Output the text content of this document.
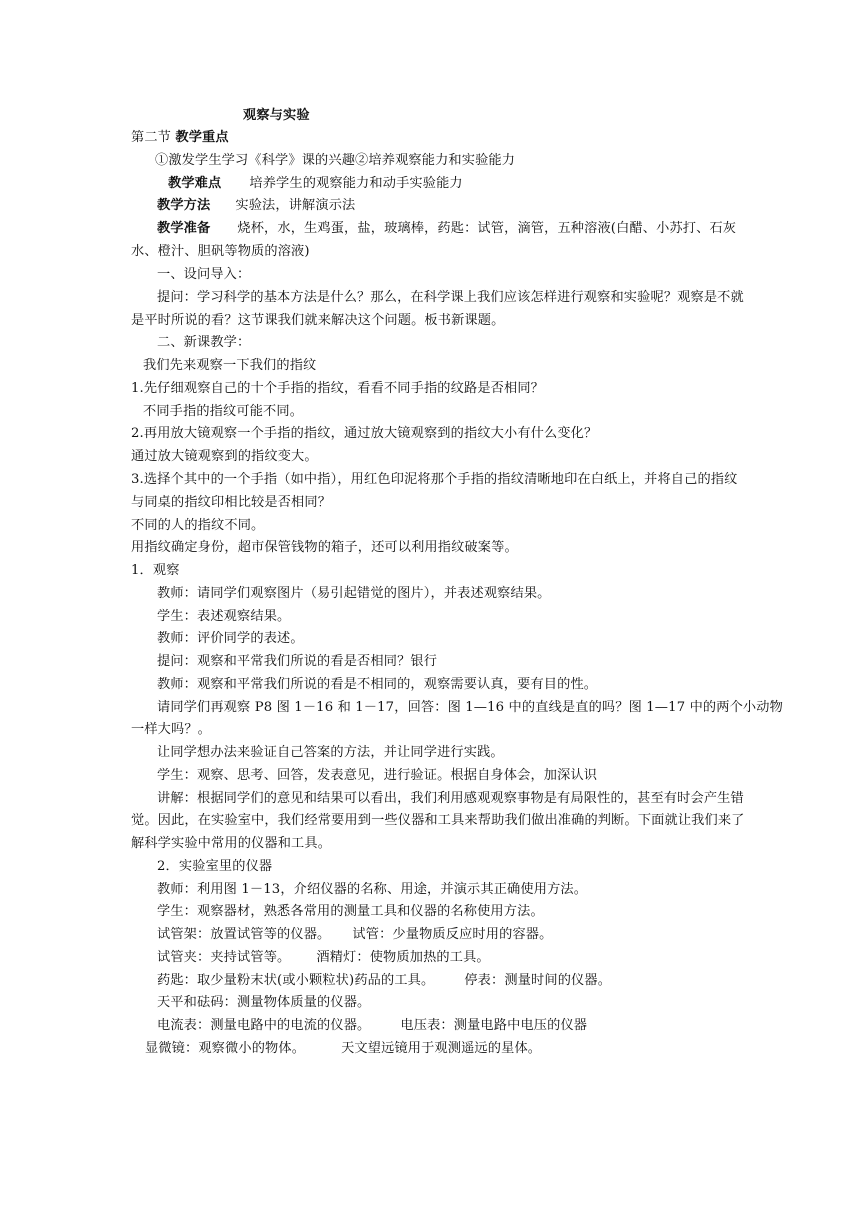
观察与实验
第二节 教学重点
①激发学生学习《科学》课的兴趣②培养观察能力和实验能力
教学难点 培养学生的观察能力和动手实验能力
教学方法 实验法，讲解演示法
教学准备 烧杯，水，生鸡蛋，盐，玻璃棒，药匙：试管，滴管，五种溶液(白醋、小苏打、石灰
水、橙汁、胆矾等物质的溶液)
一、设问导入：
提问：学习科学的基本方法是什么？那么，在科学课上我们应该怎样进行观察和实验呢？观察是不就
是平时所说的看？这节课我们就来解决这个问题。板书新课题。
二、新课教学：
我们先来观察一下我们的指纹
1.先仔细观察自己的十个手指的指纹，看看不同手指的纹路是否相同？
不同手指的指纹可能不同。
2.再用放大镜观察一个手指的指纹，通过放大镜观察到的指纹大小有什么变化？
通过放大镜观察到的指纹变大。
3.选择个其中的一个手指（如中指），用红色印泥将那个手指的指纹清晰地印在白纸上，并将自己的指纹
与同桌的指纹印相比较是否相同？
不同的人的指纹不同。
用指纹确定身份，超市保管钱物的箱子，还可以利用指纹破案等。
1．观察
教师：请同学们观察图片（易引起错觉的图片），并表述观察结果。
学生：表述观察结果。
教师：评价同学的表述。
提问：观察和平常我们所说的看是否相同？银行
教师：观察和平常我们所说的看是不相同的，观察需要认真，要有目的性。
请同学们再观察 P8 图 1－16 和 1－17，回答：图 1—16 中的直线是直的吗？图 1—17 中的两个小动物
一样大吗？。
让同学想办法来验证自己答案的方法，并让同学进行实践。
学生：观察、思考、回答，发表意见，进行验证。根据自身体会，加深认识
讲解：根据同学们的意见和结果可以看出，我们利用感观观察事物是有局限性的，甚至有时会产生错
觉。因此，在实验室中，我们经常要用到一些仪器和工具来帮助我们做出准确的判断。下面就让我们来了
解科学实验中常用的仪器和工具。
2．实验室里的仪器
教师：利用图 1－13，介绍仪器的名称、用途，并演示其正确使用方法。
学生：观察器材，熟悉各常用的测量工具和仪器的名称使用方法。
试管架：放置试管等的仪器。 试管：少量物质反应时用的容器。
试管夹：夹持试管等。 酒精灯：使物质加热的工具。
药匙：取少量粉末状(或小颗粒状)药品的工具。 停表：测量时间的仪器。
天平和砝码：测量物体质量的仪器。
电流表：测量电路中的电流的仪器。 电压表：测量电路中电压的仪器
显微镜：观察微小的物体。	天文望远镜用于观测遥远的星体。
